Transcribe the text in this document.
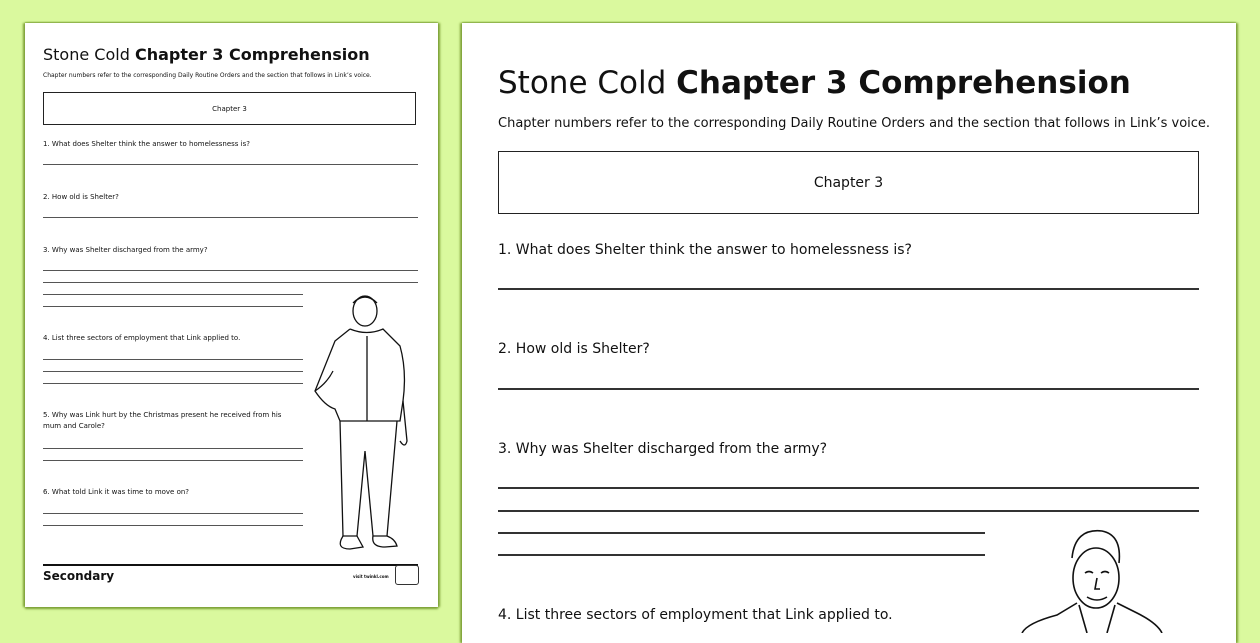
Stone Cold Chapter 3 Comprehension
Chapter numbers refer to the corresponding Daily Routine Orders and the section that follows in Link’s voice.
Chapter 3
1. What does Shelter think the answer to homelessness is?
2. How old is Shelter?
3. Why was Shelter discharged from the army?
4. List three sectors of employment that Link applied to.
5. Why was Link hurt by the Christmas present he received from his
mum and Carole?
6. What told Link it was time to move on?
Secondary	visit twinkl.com
Stone Cold Chapter 3 Comprehension
Chapter numbers refer to the corresponding Daily Routine Orders and the section that follows in Link’s voice.
Chapter 3
1. What does Shelter think the answer to homelessness is?
2. How old is Shelter?
3. Why was Shelter discharged from the army?
4. List three sectors of employment that Link applied to.
